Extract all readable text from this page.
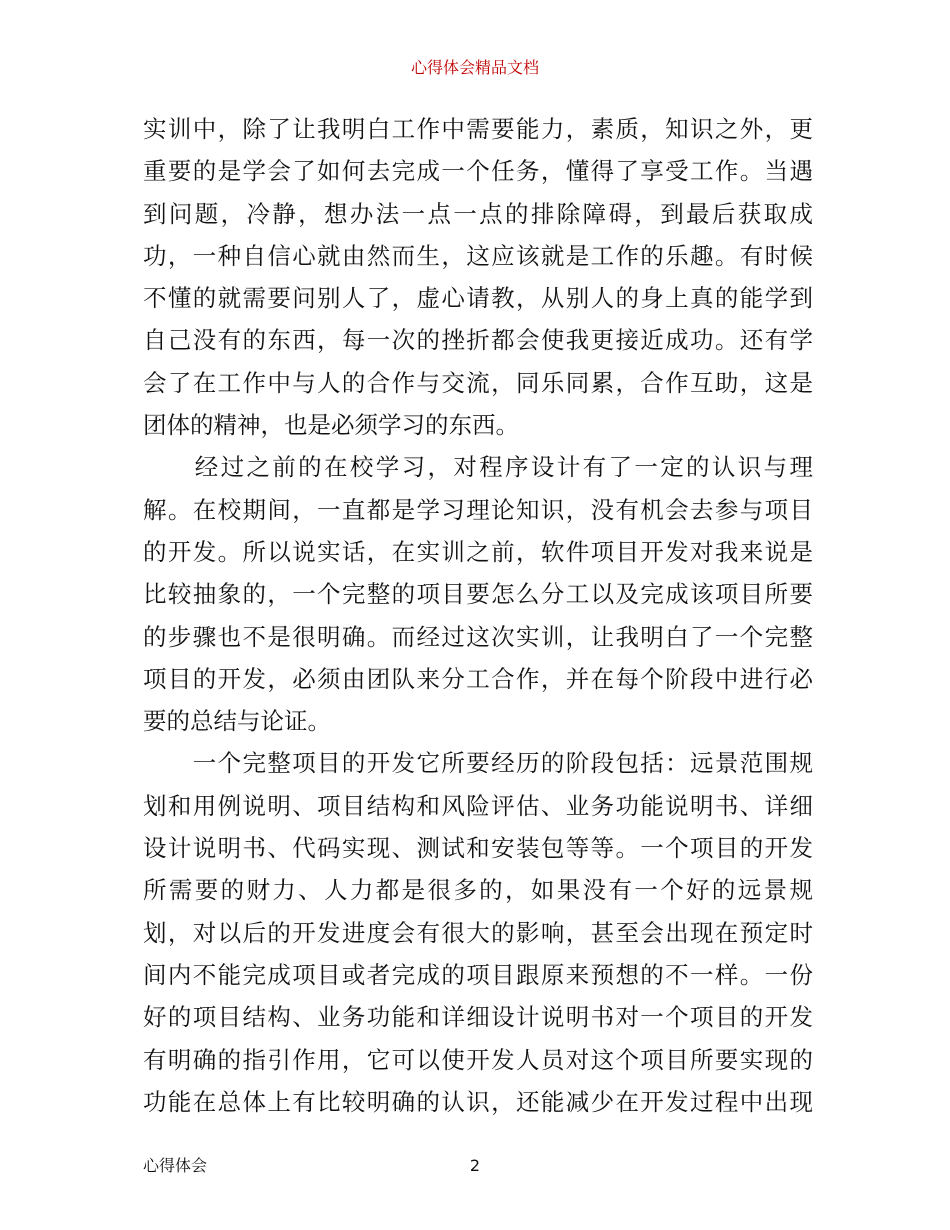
心得体会精品文档
实训中，除了让我明白工作中需要能力，素质，知识之外，更
重要的是学会了如何去完成一个任务，懂得了享受工作。当遇
到问题，冷静，想办法一点一点的排除障碍，到最后获取成
功，一种自信心就由然而生，这应该就是工作的乐趣。有时候
不懂的就需要问别人了，虚心请教，从别人的身上真的能学到
自己没有的东西，每一次的挫折都会使我更接近成功。还有学
会了在工作中与人的合作与交流，同乐同累，合作互助，这是
团体的精神，也是必须学习的东西。
　　经过之前的在校学习，对程序设计有了一定的认识与理
解。在校期间，一直都是学习理论知识，没有机会去参与项目
的开发。所以说实话，在实训之前，软件项目开发对我来说是
比较抽象的，一个完整的项目要怎么分工以及完成该项目所要
的步骤也不是很明确。而经过这次实训，让我明白了一个完整
项目的开发，必须由团队来分工合作，并在每个阶段中进行必
要的总结与论证。
　　一个完整项目的开发它所要经历的阶段包括：远景范围规
划和用例说明、项目结构和风险评估、业务功能说明书、详细
设计说明书、代码实现、测试和安装包等等。一个项目的开发
所需要的财力、人力都是很多的，如果没有一个好的远景规
划，对以后的开发进度会有很大的影响，甚至会出现在预定时
间内不能完成项目或者完成的项目跟原来预想的不一样。一份
好的项目结构、业务功能和详细设计说明书对一个项目的开发
有明确的指引作用，它可以使开发人员对这个项目所要实现的
功能在总体上有比较明确的认识，还能减少在开发过程中出现
心得体会	2
